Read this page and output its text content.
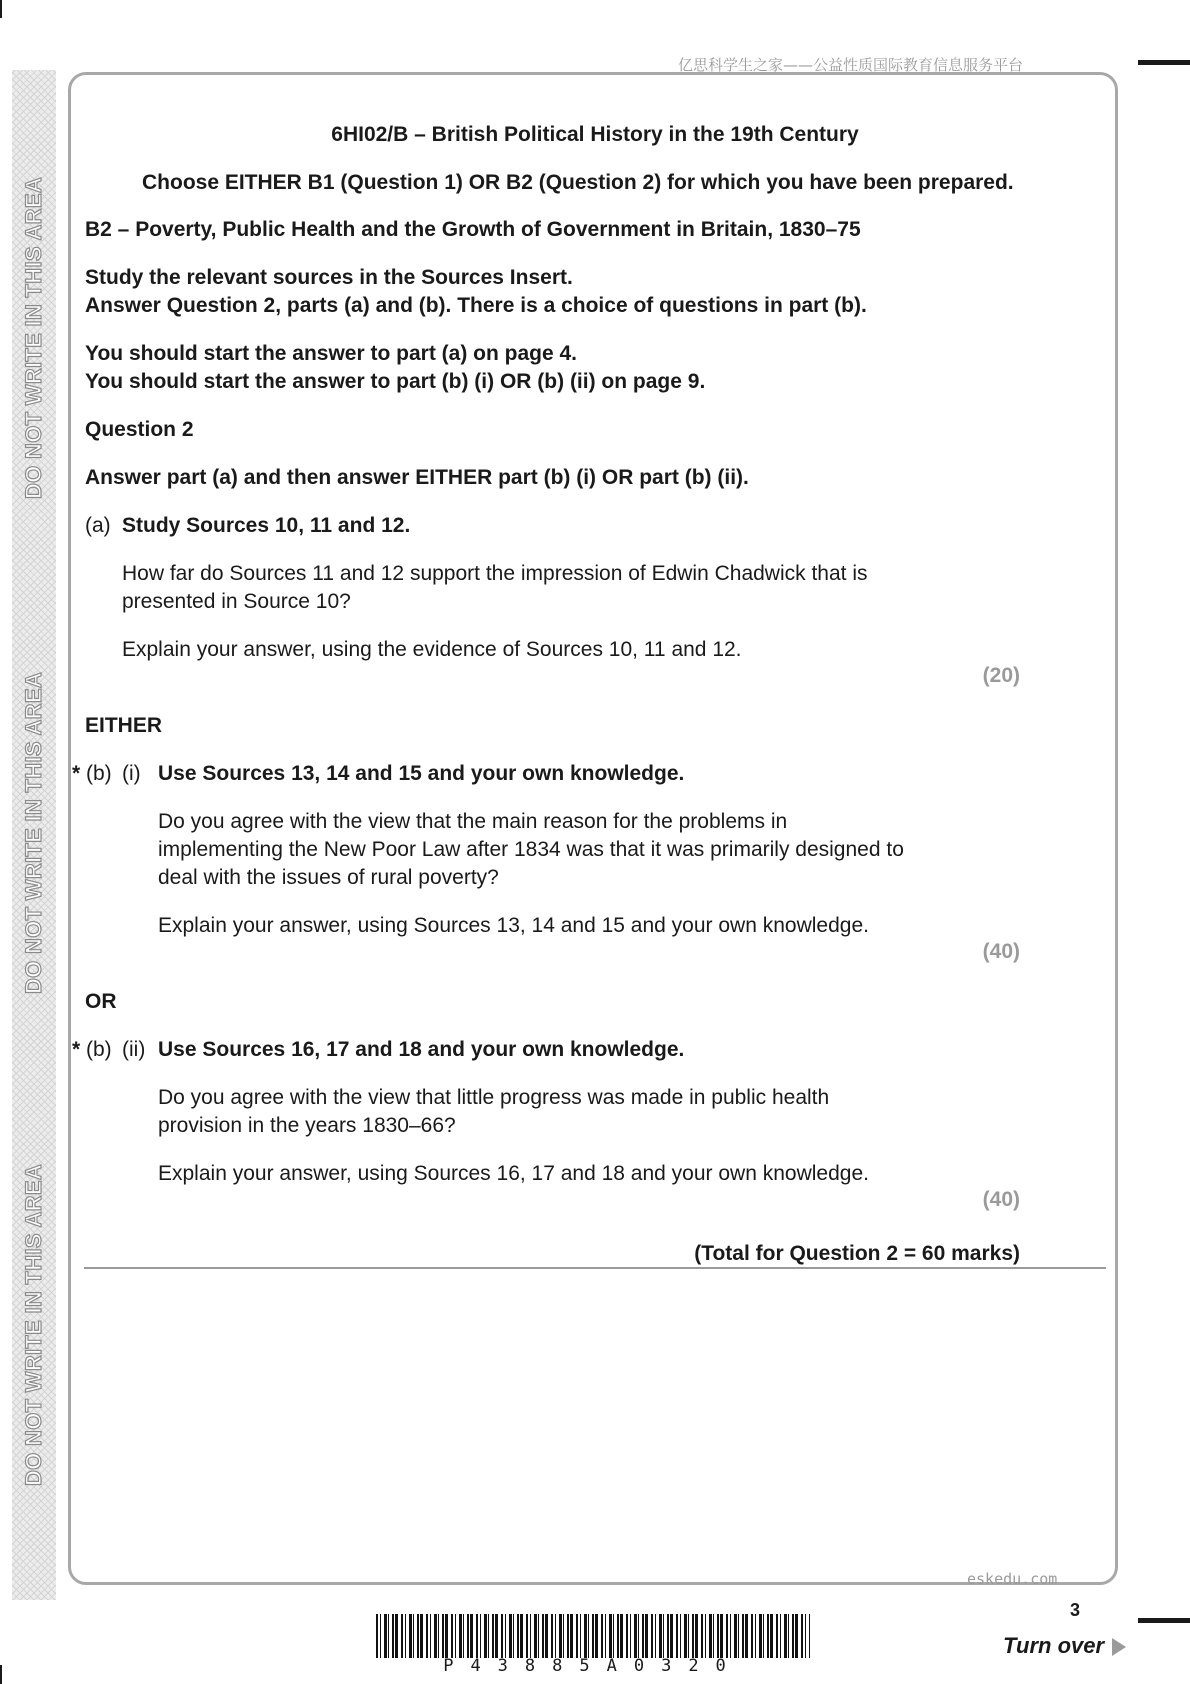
DO NOT WRITE IN THIS AREA
DO NOT WRITE IN THIS AREA
DO NOT WRITE IN THIS AREA
亿思科学生之家——公益性质国际教育信息服务平台
6HI02/B – British Political History in the 19th Century
Choose EITHER B1 (Question 1) OR B2 (Question 2) for which you have been prepared.
B2 – Poverty, Public Health and the Growth of Government in Britain, 1830–75
Study the relevant sources in the Sources Insert.
Answer Question 2, parts (a) and (b). There is a choice of questions in part (b).
You should start the answer to part (a) on page 4.
You should start the answer to part (b) (i) OR (b) (ii) on page 9.
Question 2
Answer part (a) and then answer EITHER part (b) (i) OR part (b) (ii).
(a) Study Sources 10, 11 and 12.
How far do Sources 11 and 12 support the impression of Edwin Chadwick that is
presented in Source 10?
Explain your answer, using the evidence of Sources 10, 11 and 12.
(20)
EITHER
* (b) (i) Use Sources 13, 14 and 15 and your own knowledge.
Do you agree with the view that the main reason for the problems in
implementing the New Poor Law after 1834 was that it was primarily designed to
deal with the issues of rural poverty?
Explain your answer, using Sources 13, 14 and 15 and your own knowledge.
(40)
OR
* (b) (ii) Use Sources 16, 17 and 18 and your own knowledge.
Do you agree with the view that little progress was made in public health
provision in the years 1830–66?
Explain your answer, using Sources 16, 17 and 18 and your own knowledge.
(40)
(Total for Question 2 = 60 marks)
eskedu.com
3
P43885A0320
Turn over
